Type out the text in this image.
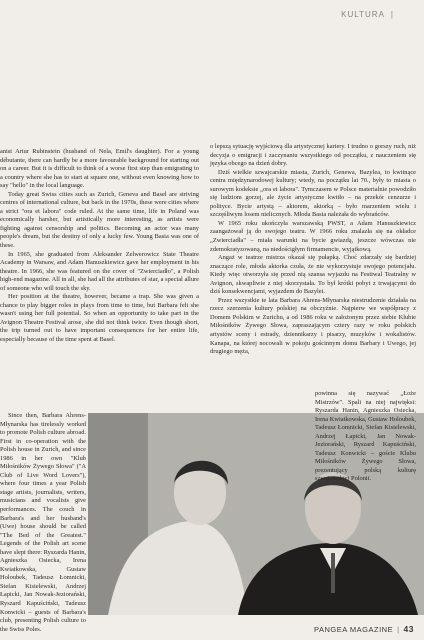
KULTURA |

anist Artur Rubinstein (husband of Nela, Emil's daughter). For a young débutante, there can hardly be a more favourable background for starting out on a career. But it is difficult to think of a worse first step than emigrating to a country where she has to start at square one, without even knowing how to say "hello" in the local language.

Today great Swiss cities such as Zurich, Geneva and Basel are striving centres of international culture, but back in the 1970s, these were cities where a strict "ora et labora" code ruled. At the same time, life in Poland was economically harsher, but artistically more interesting, as artists were fighting against censorship and politics. Becoming an actor was many people's dream, but the destiny of only a lucky few. Young Basia was one of these.

In 1965, she graduated from Aleksander Zelwerowicz State Theatre Academy in Warsaw, and Adam Hanuszkiewicz gave her employment in his theatre. In 1966, she was featured on the cover of "Zwierciadło", a Polish high-end magazine. All in all, she had all the attributes of star, a special allure of someone who will touch the sky.

Her position at the theatre, however, became a trap. She was given a chance to play bigger roles in plays from time to time, but Barbara felt she wasn't using her full potential. So when an opportunity to take part in the Avignon Theatre Festival arose, she did not think twice. Even though short, the trip turned out to have important consequences for her entire life, especially because of the time spent at Basel.

Since then, Barbara Ahrens-Młynarska has tirelessly worked to promote Polish culture abroad. First in co-operation with the Polish house in Zurich, and since 1986 in her own "Klub Miłośników Żywego Słowa" ("A Club of Live Word Lovers"), where four times a year Polish stage artists, journalists, writers, musicians and vocalists give performances. The couch in Barbara's and her husband's (Uwe) house should be called "The Bed of the Greatest." Legends of the Polish art scene have slept there: Ryszarda Hanin, Agnieszka Osiecka, Irena Kwiatkowska, Gustaw Holoubek, Tadeusz Łomnicki, Stefan Kisielewski, Andrzej Łapicki, Jan Nowak-Jeziorański, Ryszard Kapuściński, Tadeusz Konwicki – guests of Barbara's club, presenting Polish culture to the Swiss Poles.

o lepszą sytuację wyjściową dla artystycznej kariery. I trudno o gorszy ruch, niż decyzja o emigracji i zaczynaniu wszystkiego od początku, z nauczeniem się języka obcego na dzień dobry.

Dziś wielkie szwajcarskie miasta, Zurich, Genewa, Bazylea, to kwitnące centra międzynarodowej kultury; wtedy, na początku lat 70., były to miasta o surowym kodeksie „ora et labora". Tymczasem w Polsce materialnie powodziło się ludziom gorzej, ale życie artystyczne kwitło – na przekór cenzurze i polityce. Bycie artystą – aktorem, aktorką – było marzeniem wielu i szczęśliwym losem nielicznych. Młoda Basia należała do wybrańców.

W 1965 roku ukończyła warszawską PWST, a Adam Hanuszkiewicz zaangażował ją do swojego teatru. W 1966 roku znalazła się na okładce „Zwierciadła" – miała warunki na bycie gwiazdą, jeszcze wówczas nie zdemokratyzowaną, na niedościgłym firmamencie, wyjątkową.

Angaż w teatrze mistrza okazał się pułapką. Choć zdarzały się bardziej znaczące role, młoda aktorka czuła, że nie wykorzystuje swojego potencjału. Kiedy więc otworzyła się przed nią szansa wyjazdu na Festiwal Teatralny w Avignon, skwapliwie z niej skorzystała. To był krótki pobyt z trwającymi do dziś konsekwencjami, wyjazdem do Bazylei.

Przez wszystkie te lata Barbara Ahrens-Młynarska niestrudzenie działała na rzecz szerzenia kultury polskiej na obczyźnie. Najpierw we współpracy z Domem Polskim w Zurichu, a od 1986 roku w założonym przez siebie Klubie Miłośników Żywego Słowa, zapraszającym cztery razy w roku polskich artystów sceny i estrady, dziennikarzy i pisarzy, muzyków i wokalistów. Kanapa, na której nocowali w pokoju gościnnym domu Barbary i Uwego, jej drugiego męża,

powinna się nazywać „Łoże Mistrzów". Spali na niej najwięksi: Ryszarda Hanin, Agnieszka Osiecka, Irena Kwiatkowska, Gustaw Holoubek, Tadeusz Łomnicki, Stefan Kisielewski, Andrzej Łapicki, Jan Nowak-Jeziorański, Ryszard Kapuściński, Tadeusz Konwicki – goście Klubu Miłośników Żywego Słowa, prezentujący polską kulturę szwajcarskiej Polonii.

PANGEA MAGAZINE | 43
